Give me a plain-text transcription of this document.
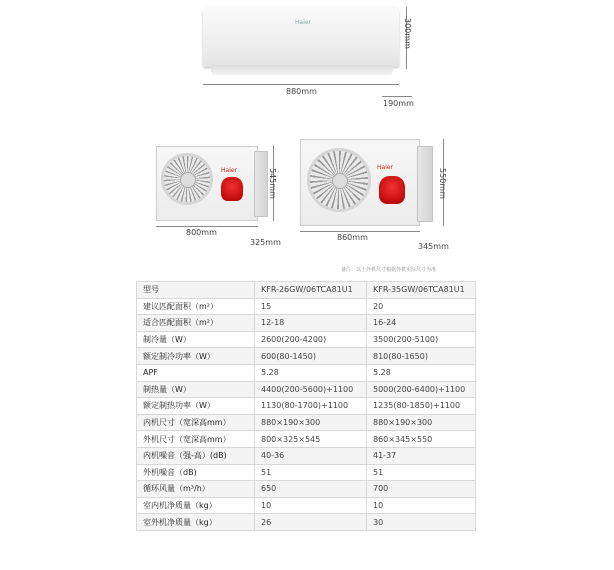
Haier
880mm
300mm
190mm
Haier
800mm
545mm
325mm
Haier
860mm
550mm
345mm
备注：以上外机尺寸根据外机实际尺寸为准
型号	KFR-26GW/06TCA81U1	KFR-35GW/06TCA81U1
建议匹配面积（m²）	15	20
适合匹配面积（m²）	12-18	16-24
制冷量（W）	2600(200-4200)	3500(200-5100)
额定制冷功率（W）	600(80-1450)	810(80-1650)
APF	5.28	5.28
制热量（W）	4400(200-5600)+1100	5000(200-6400)+1100
额定制热功率（W）	1130(80-1700)+1100	1235(80-1850)+1100
内机尺寸（宽深高mm）	880×190×300	880×190×300
外机尺寸（宽深高mm）	800×325×545	860×345×550
内机噪音（强-高）(dB)	40-36	41-37
外机噪音（dB)	51	51
循环风量（m³/h）	650	700
室内机净质量（kg）	10	10
室外机净质量（kg）	26	30
